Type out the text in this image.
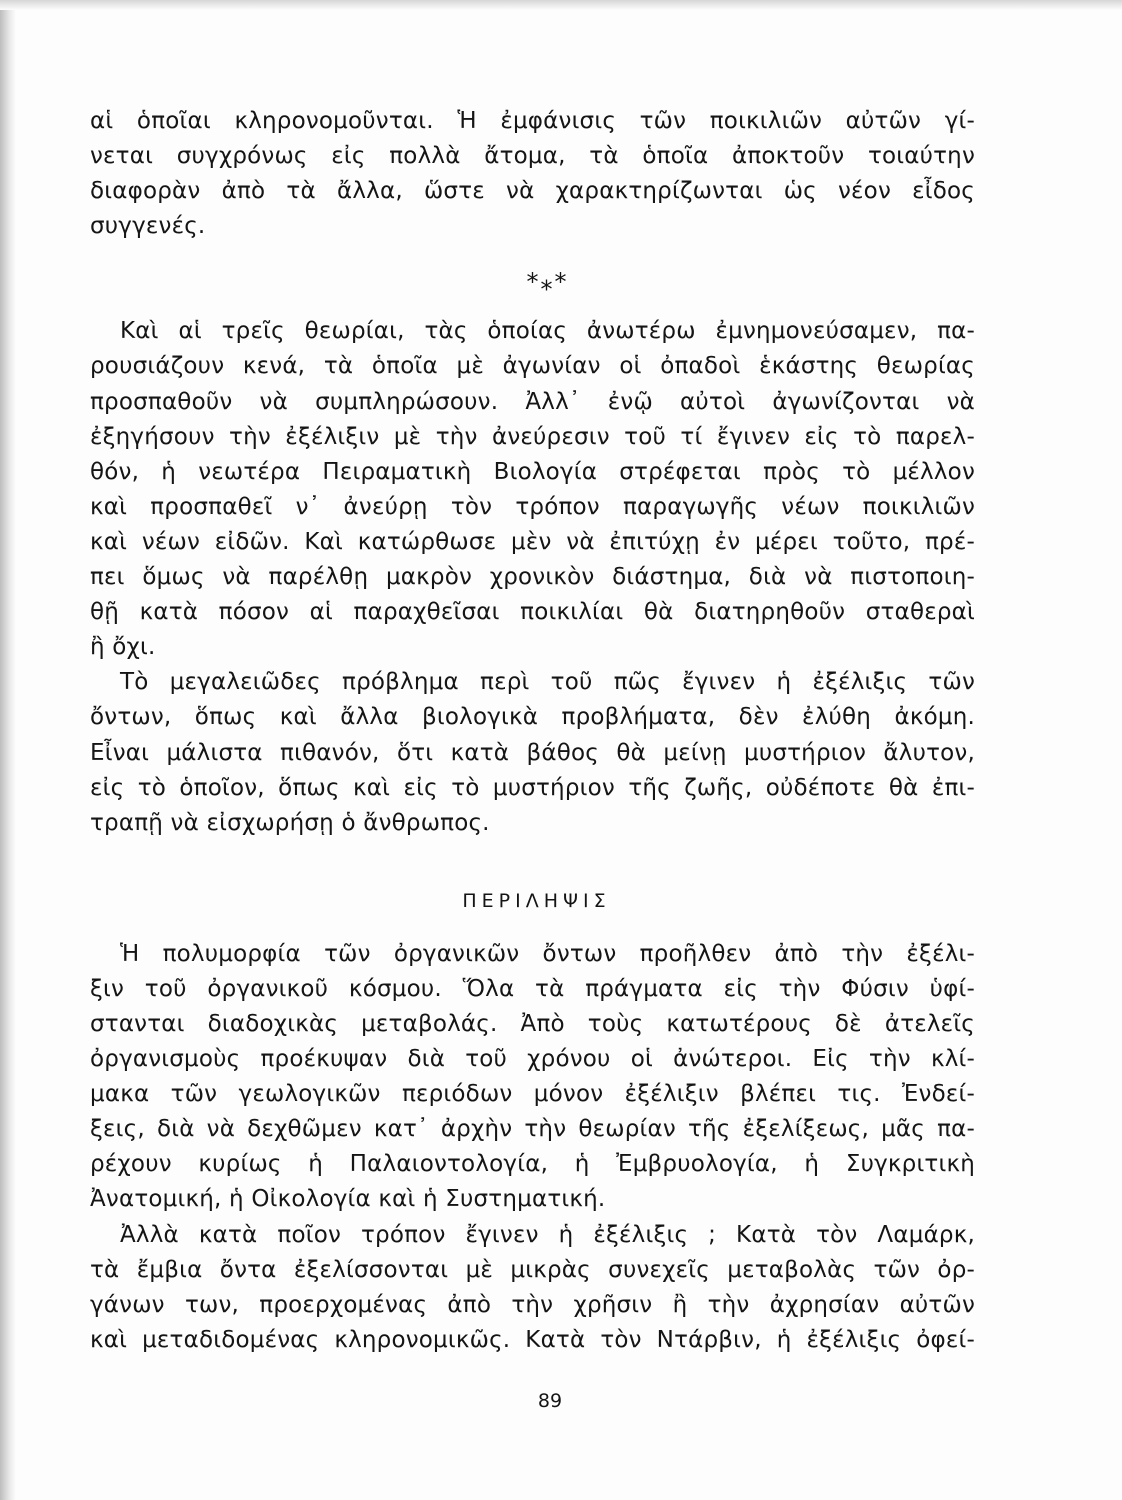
αἱ ὁποῖαι κληρονομοῦνται. Ἡ ἐμφάνισις τῶν ποικιλιῶν αὐτῶν γί-
νεται συγχρόνως εἰς πολλὰ ἄτομα, τὰ ὁποῖα ἀποκτοῦν τοιαύτην
διαφορὰν ἀπὸ τὰ ἄλλα, ὥστε νὰ χαρακτηρίζωνται ὡς νέον εἶδος
συγγενές.
*⁎*
Καὶ αἱ τρεῖς θεωρίαι, τὰς ὁποίας ἀνωτέρω ἐμνημονεύσαμεν, πα-
ρουσιάζουν κενά, τὰ ὁποῖα μὲ ἀγωνίαν οἱ ὀπαδοὶ ἑκάστης θεωρίας
προσπαθοῦν νὰ συμπληρώσουν. Ἀλλ᾿ ἐνῷ αὐτοὶ ἀγωνίζονται νὰ
ἐξηγήσουν τὴν ἐξέλιξιν μὲ τὴν ἀνεύρεσιν τοῦ τί ἔγινεν εἰς τὸ παρελ-
θόν, ἡ νεωτέρα Πειραματικὴ Βιολογία στρέφεται πρὸς τὸ μέλλον
καὶ προσπαθεῖ ν᾿ ἀνεύρῃ τὸν τρόπον παραγωγῆς νέων ποικιλιῶν
καὶ νέων εἰδῶν. Καὶ κατώρθωσε μὲν νὰ ἐπιτύχῃ ἐν μέρει τοῦτο, πρέ-
πει ὅμως νὰ παρέλθῃ μακρὸν χρονικὸν διάστημα, διὰ νὰ πιστοποιη-
θῇ κατὰ πόσον αἱ παραχθεῖσαι ποικιλίαι θὰ διατηρηθοῦν σταθεραὶ
ἢ ὄχι.
Τὸ μεγαλειῶδες πρόβλημα περὶ τοῦ πῶς ἔγινεν ἡ ἐξέλιξις τῶν
ὄντων, ὅπως καὶ ἄλλα βιολογικὰ προβλήματα, δὲν ἐλύθη ἀκόμη.
Εἶναι μάλιστα πιθανόν, ὅτι κατὰ βάθος θὰ μείνῃ μυστήριον ἄλυτον,
εἰς τὸ ὁποῖον, ὅπως καὶ εἰς τὸ μυστήριον τῆς ζωῆς, οὐδέποτε θὰ ἐπι-
τραπῇ νὰ εἰσχωρήσῃ ὁ ἄνθρωπος.
ΠΕΡΙΛΗΨΙΣ
Ἡ πολυμορφία τῶν ὀργανικῶν ὄντων προῆλθεν ἀπὸ τὴν ἐξέλι-
ξιν τοῦ ὀργανικοῦ κόσμου. Ὅλα τὰ πράγματα εἰς τὴν Φύσιν ὑφί-
στανται διαδοχικὰς μεταβολάς. Ἀπὸ τοὺς κατωτέρους δὲ ἀτελεῖς
ὀργανισμοὺς προέκυψαν διὰ τοῦ χρόνου οἱ ἀνώτεροι. Εἰς τὴν κλί-
μακα τῶν γεωλογικῶν περιόδων μόνον ἐξέλιξιν βλέπει τις. Ἐνδεί-
ξεις, διὰ νὰ δεχθῶμεν κατ᾿ ἀρχὴν τὴν θεωρίαν τῆς ἐξελίξεως, μᾶς πα-
ρέχουν κυρίως ἡ Παλαιοντολογία, ἡ Ἐμβρυολογία, ἡ Συγκριτικὴ
Ἀνατομική, ἡ Οἰκολογία καὶ ἡ Συστηματική.
Ἀλλὰ κατὰ ποῖον τρόπον ἔγινεν ἡ ἐξέλιξις ; Κατὰ τὸν Λαμάρκ,
τὰ ἔμβια ὄντα ἐξελίσσονται μὲ μικρὰς συνεχεῖς μεταβολὰς τῶν ὀρ-
γάνων των, προερχομένας ἀπὸ τὴν χρῆσιν ἢ τὴν ἀχρησίαν αὐτῶν
καὶ μεταδιδομένας κληρονομικῶς. Κατὰ τὸν Ντάρβιν, ἡ ἐξέλιξις ὀφεί-
89
